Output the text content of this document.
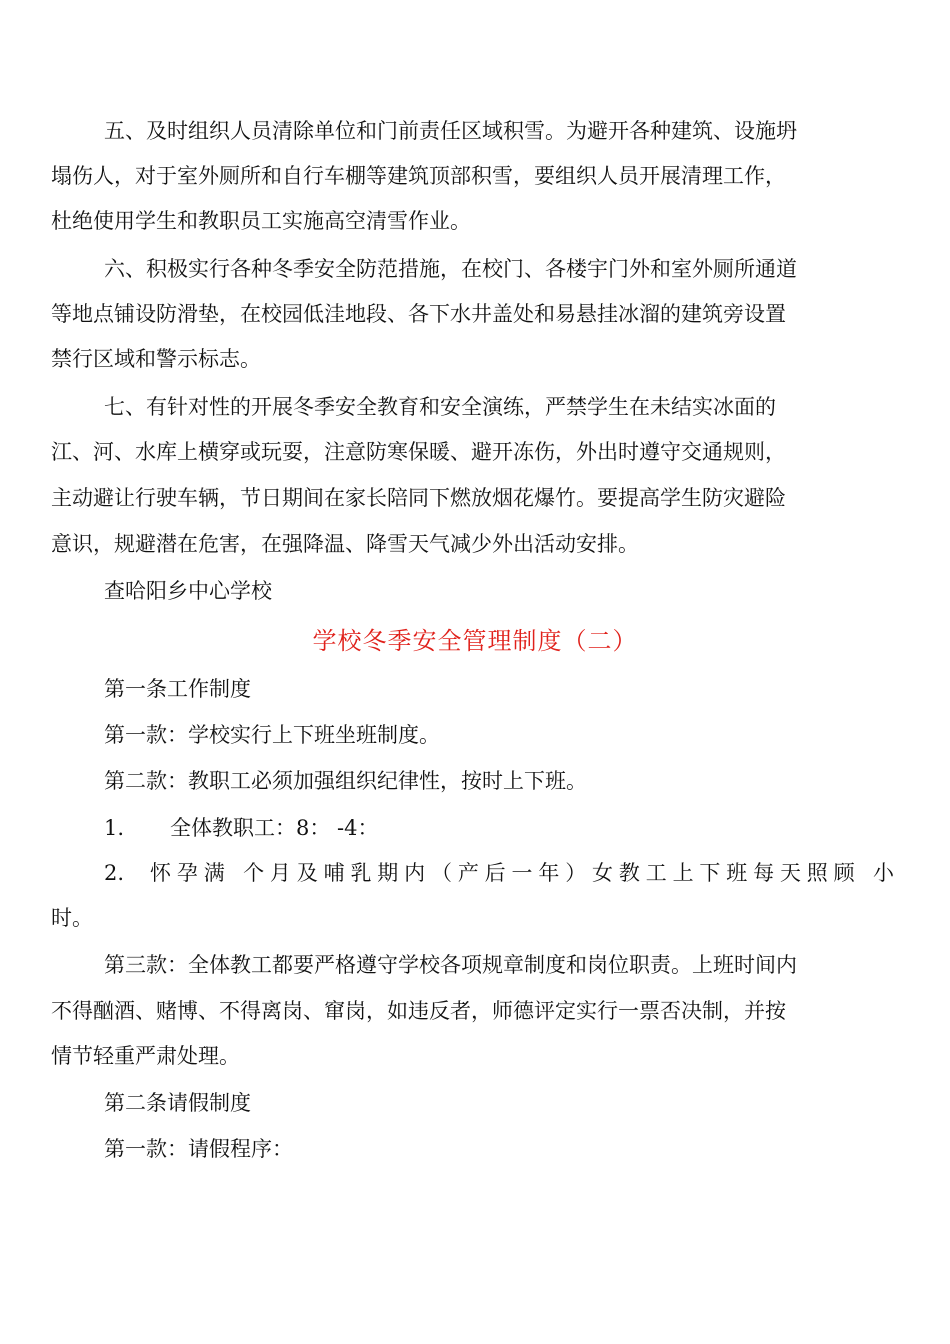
五、及时组织人员清除单位和门前责任区域积雪。为避开各种建筑、设施坍
塌伤人，对于室外厕所和自行车棚等建筑顶部积雪，要组织人员开展清理工作，
杜绝使用学生和教职员工实施高空清雪作业。
六、积极实行各种冬季安全防范措施，在校门、各楼宇门外和室外厕所通道
等地点铺设防滑垫，在校园低洼地段、各下水井盖处和易悬挂冰溜的建筑旁设置
禁行区域和警示标志。
七、有针对性的开展冬季安全教育和安全演练，严禁学生在未结实冰面的
江、河、水库上横穿或玩耍，注意防寒保暖、避开冻伤，外出时遵守交通规则，
主动避让行驶车辆，节日期间在家长陪同下燃放烟花爆竹。要提高学生防灾避险
意识，规避潜在危害，在强降温、降雪天气减少外出活动安排。
查哈阳乡中心学校
学校冬季安全管理制度（二）
第一条工作制度
第一款：学校实行上下班坐班制度。
第二款：教职工必须加强组织纪律性，按时上下班。
1. 全体教职工：8： -4：
2. 怀 孕 满
个 月 及 哺 乳 期 内 （ 产 后 一 年 ） 女 教 工 上 下 班 每 天 照 顾
小
时。
第三款：全体教工都要严格遵守学校各项规章制度和岗位职责。上班时间内
不得酗酒、赌博、不得离岗、窜岗，如违反者，师德评定实行一票否决制，并按
情节轻重严肃处理。
第二条请假制度
第一款：请假程序：
